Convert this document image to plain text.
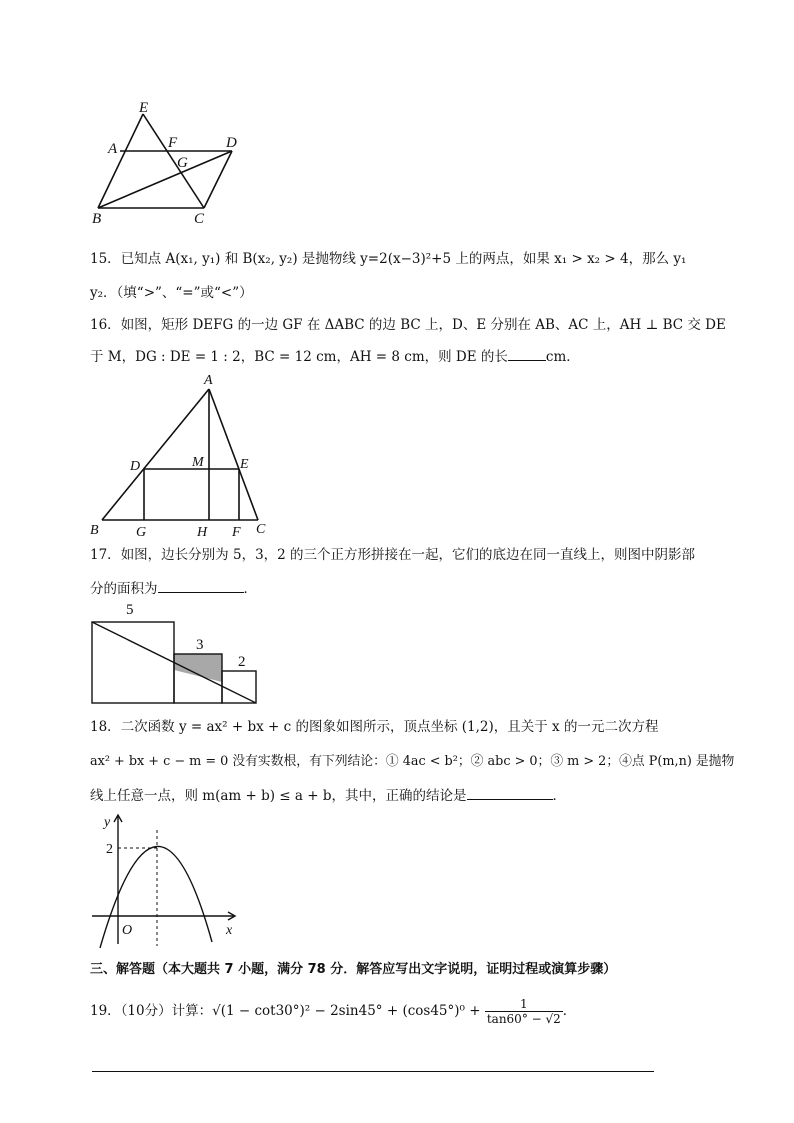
E
A	F	D
G
B	C
15．已知点 A(x₁, y₁) 和 B(x₂, y₂) 是抛物线 y=2(x−3)²+5 上的两点，如果 x₁ > x₂ > 4，那么 y₁
y₂．（填“>”、“=”或“<”）
16．如图，矩形 DEFG 的一边 GF 在 ΔABC 的边 BC 上，D、E 分别在 AB、AC 上，AH ⊥ BC 交 DE
于 M，DG : DE = 1 : 2，BC = 12 cm，AH = 8 cm，则 DE 的长	cm．
A
D	M	E
B	G	H F C
17．如图，边长分别为 5，3，2 的三个正方形拼接在一起，它们的底边在同一直线上，则图中阴影部
分的面积为	．
5
3
2
18．二次函数 y = ax² + bx + c 的图象如图所示，顶点坐标 (1,2)，且关于 x 的一元二次方程
ax² + bx + c − m = 0 没有实数根，有下列结论：① 4ac < b²；② abc > 0；③ m > 2；④点 P(m,n) 是抛物
线上任意一点，则 m(am + b) ≤ a + b，其中，正确的结论是	．
y
2
O	x
三、解答题（本大题共 7 小题，满分 78 分．解答应写出文字说明，证明过程或演算步骤）
19．（10分）计算：$√(1 - \cot 30^\circ)^2 - 2\sin 45^\circ + (\cos 45^\circ)^0 + \frac{1}{\tan 60^\circ - √2}$ ．
